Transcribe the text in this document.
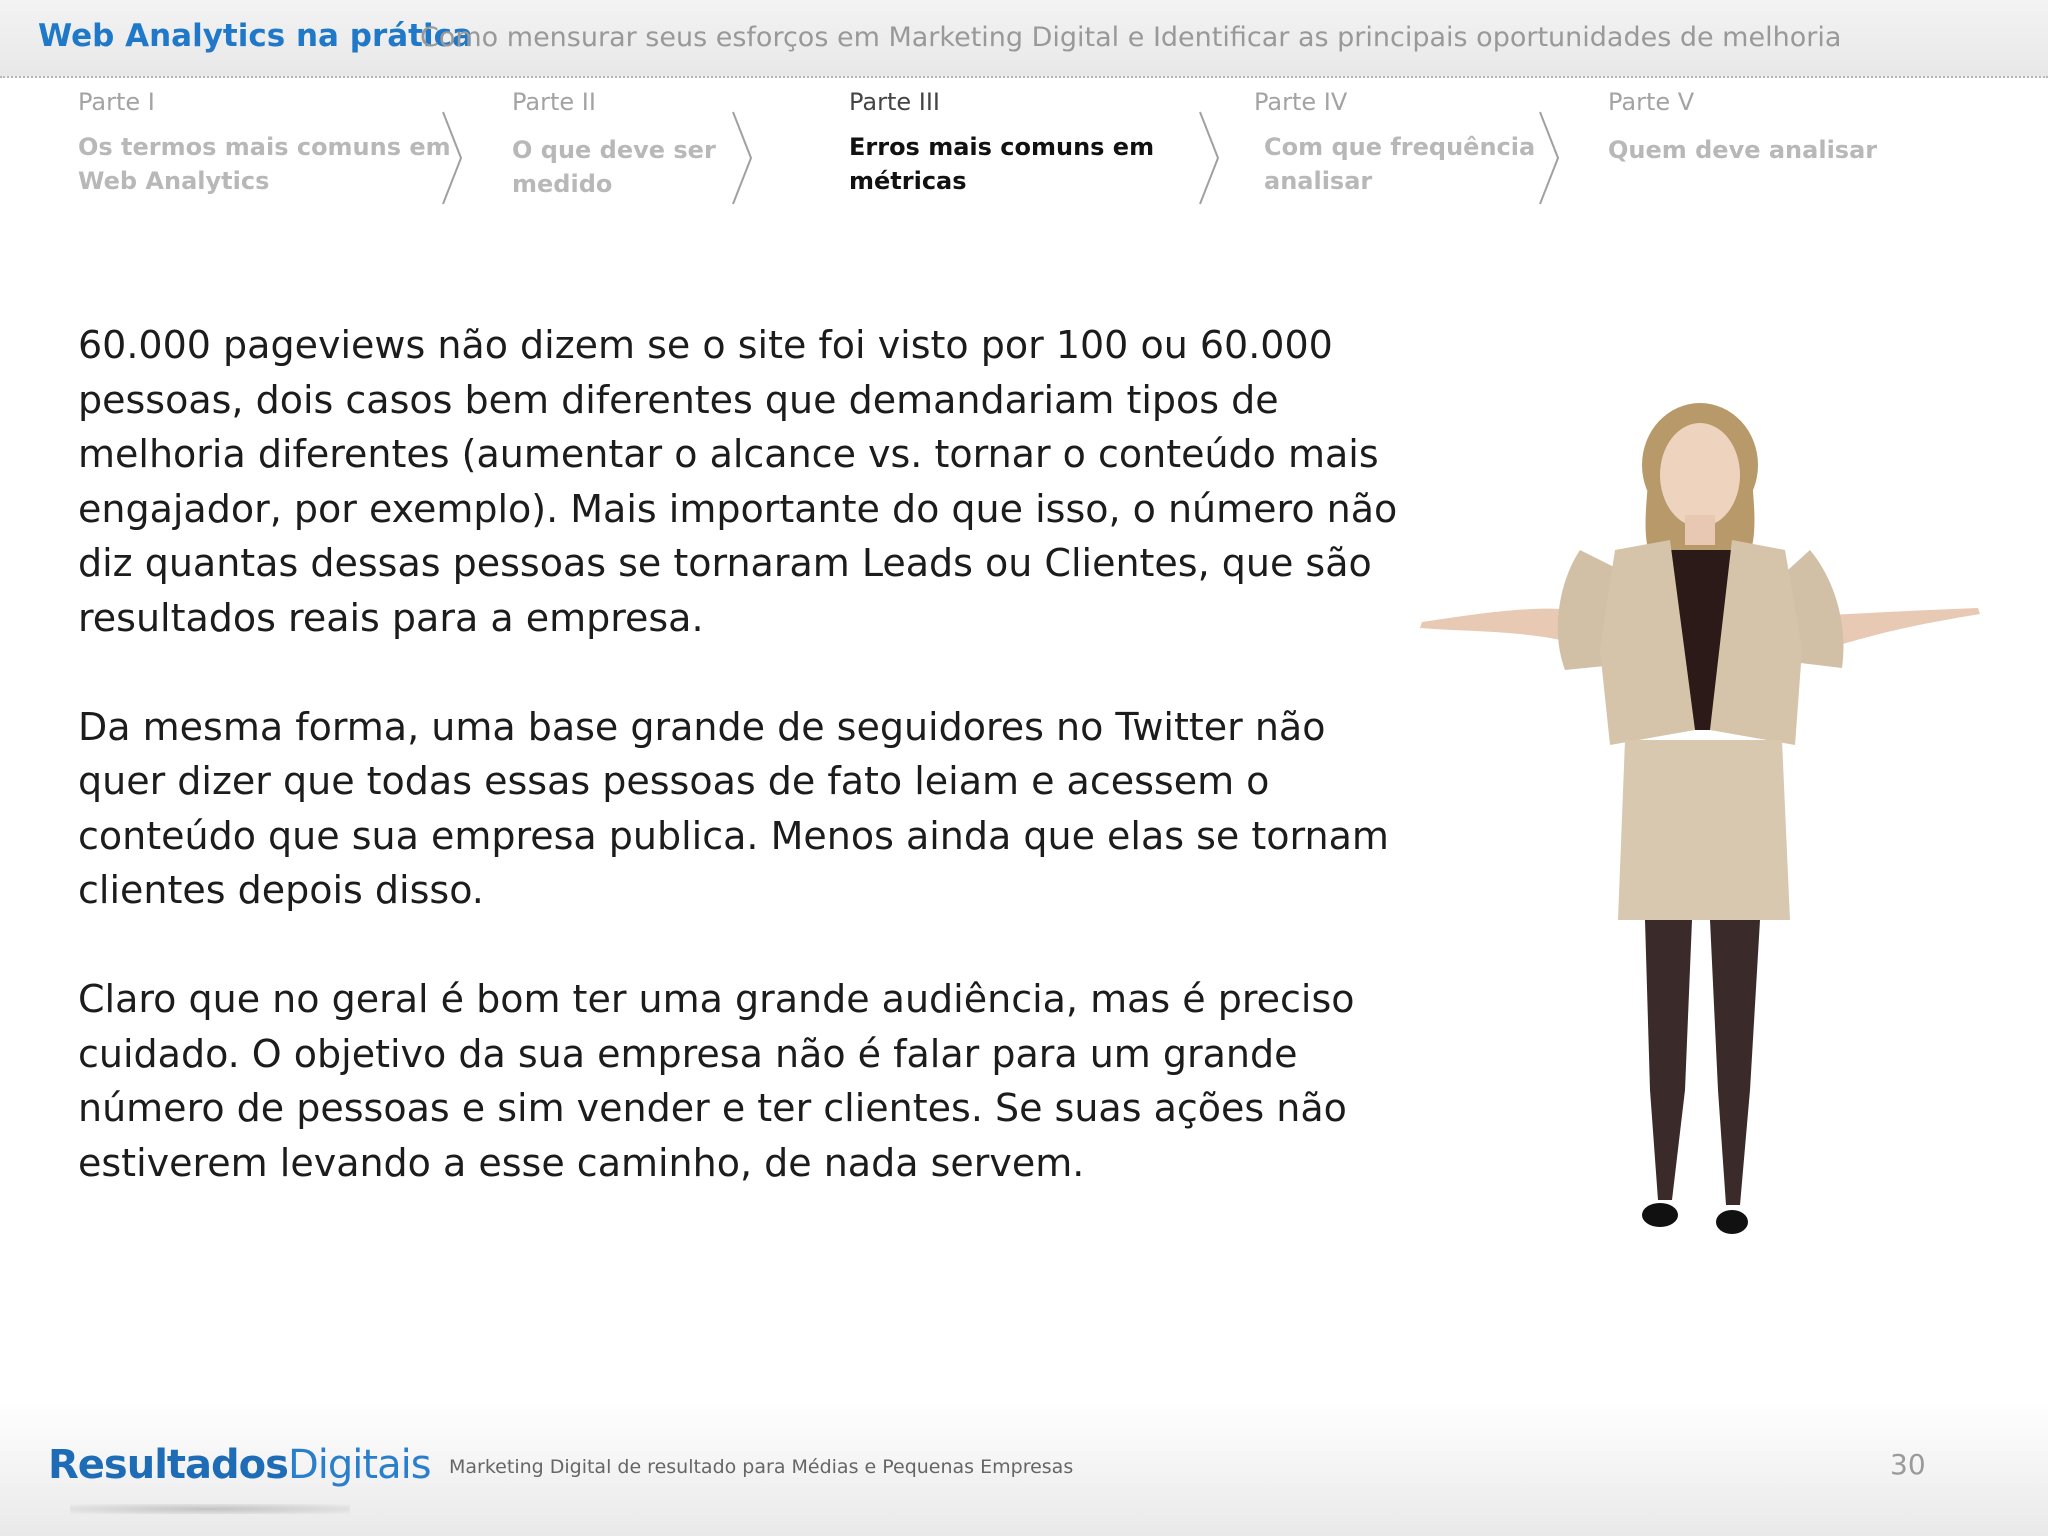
Web Analytics na prática
Como mensurar seus esforços em Marketing Digital e Identificar as principais oportunidades de melhoria
Parte I
Os termos mais comuns em
Web Analytics
Parte II
O que deve ser
medido
Parte III
Erros mais comuns em
métricas
Parte IV
Com que frequência
analisar
Parte V
Quem deve analisar

60.000 pageviews não dizem se o site foi visto por 100 ou 60.000 pessoas, dois casos bem diferentes que demandariam tipos de melhoria diferentes (aumentar o alcance vs. tornar o conteúdo mais engajador, por exemplo). Mais importante do que isso, o número não diz quantas dessas pessoas se tornaram Leads ou Clientes, que são resultados reais para a empresa.

Da mesma forma, uma base grande de seguidores no Twitter não quer dizer que todas essas pessoas de fato leiam e acessem o conteúdo que sua empresa publica. Menos ainda que elas se tornam clientes depois disso.

Claro que no geral é bom ter uma grande audiência, mas é preciso cuidado. O objetivo da sua empresa não é falar para um grande número de pessoas e sim vender e ter clientes. Se suas ações não estiverem levando a esse caminho, de nada servem.

ResultadosDigitais Marketing Digital de resultado para Médias e Pequenas Empresas	30
